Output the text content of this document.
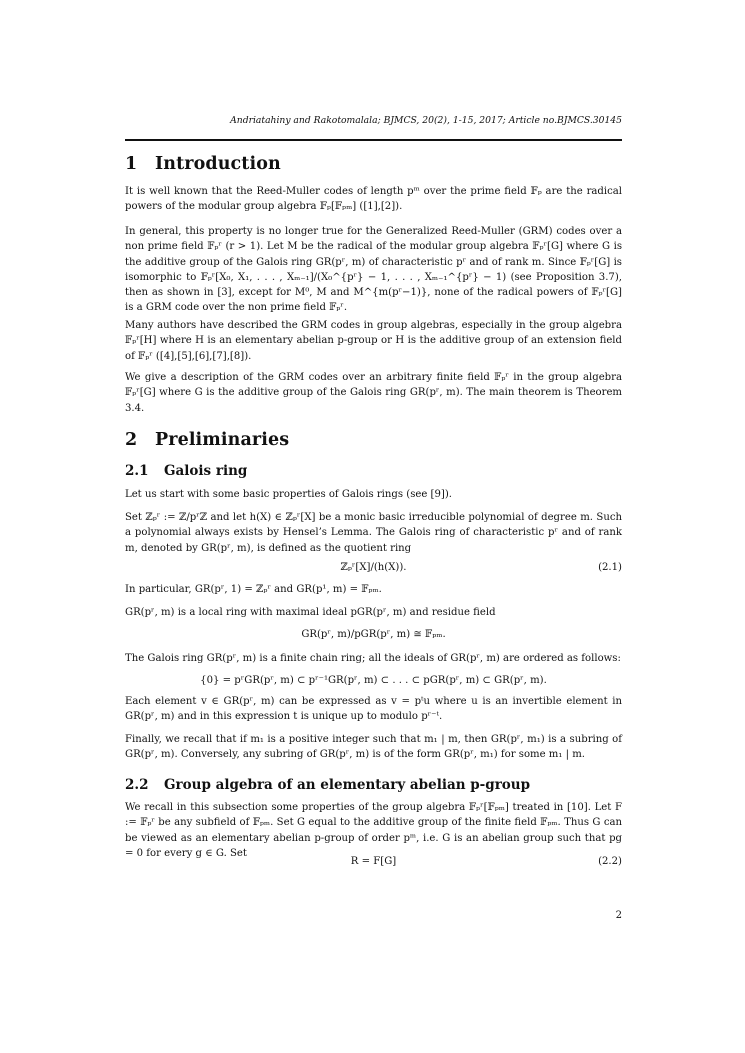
Andriatahiny and Rakotomalala; BJMCS, 20(2), 1-15, 2017; Article no.BJMCS.30145
1 Introduction
It is well known that the Reed-Muller codes of length pᵐ over the prime field 𝔽ₚ are the radical powers of the modular group algebra 𝔽ₚ[𝔽ₚₘ] ([1],[2]).
In general, this property is no longer true for the Generalized Reed-Muller (GRM) codes over a non prime field 𝔽ₚʳ (r > 1). Let M be the radical of the modular group algebra 𝔽ₚʳ[G] where G is the additive group of the Galois ring GR(pʳ, m) of characteristic pʳ and of rank m. Since 𝔽ₚʳ[G] is isomorphic to 𝔽ₚʳ[X₀, X₁, . . . , Xₘ₋₁]/(X₀^{pʳ} − 1, . . . , Xₘ₋₁^{pʳ} − 1) (see Proposition 3.7), then as shown in [3], except for M⁰, M and M^{m(pʳ−1)}, none of the radical powers of 𝔽ₚʳ[G] is a GRM code over the non prime field 𝔽ₚʳ.
Many authors have described the GRM codes in group algebras, especially in the group algebra 𝔽ₚʳ[H] where H is an elementary abelian p-group or H is the additive group of an extension field of 𝔽ₚʳ ([4],[5],[6],[7],[8]).
We give a description of the GRM codes over an arbitrary finite field 𝔽ₚʳ in the group algebra 𝔽ₚʳ[G] where G is the additive group of the Galois ring GR(pʳ, m). The main theorem is Theorem 3.4.
2 Preliminaries
2.1 Galois ring
Let us start with some basic properties of Galois rings (see [9]).
Set ℤₚʳ := ℤ/pʳℤ and let h(X) ∈ ℤₚʳ[X] be a monic basic irreducible polynomial of degree m. Such a polynomial always exists by Hensel’s Lemma. The Galois ring of characteristic pʳ and of rank m, denoted by GR(pʳ, m), is defined as the quotient ring
ℤₚʳ[X]/(h(X)).	(2.1)
In particular, GR(pʳ, 1) = ℤₚʳ and GR(p¹, m) = 𝔽ₚₘ.
GR(pʳ, m) is a local ring with maximal ideal pGR(pʳ, m) and residue field
GR(pʳ, m)/pGR(pʳ, m) ≅ 𝔽ₚₘ.
The Galois ring GR(pʳ, m) is a finite chain ring; all the ideals of GR(pʳ, m) are ordered as follows:
{0} = pʳGR(pʳ, m) ⊂ pʳ⁻¹GR(pʳ, m) ⊂ . . . ⊂ pGR(pʳ, m) ⊂ GR(pʳ, m).
Each element v ∈ GR(pʳ, m) can be expressed as v = pᵗu where u is an invertible element in GR(pʳ, m) and in this expression t is unique up to modulo pʳ⁻ᵗ.
Finally, we recall that if m₁ is a positive integer such that m₁ | m, then GR(pʳ, m₁) is a subring of GR(pʳ, m). Conversely, any subring of GR(pʳ, m) is of the form GR(pʳ, m₁) for some m₁ | m.
2.2 Group algebra of an elementary abelian p-group
We recall in this subsection some properties of the group algebra 𝔽ₚʳ[𝔽ₚₘ] treated in [10]. Let F := 𝔽ₚʳ be any subfield of 𝔽ₚₘ. Set G equal to the additive group of the finite field 𝔽ₚₘ. Thus G can be viewed as an elementary abelian p-group of order pᵐ, i.e. G is an abelian group such that pg = 0 for every g ∈ G. Set
R = F[G]	(2.2)
2
